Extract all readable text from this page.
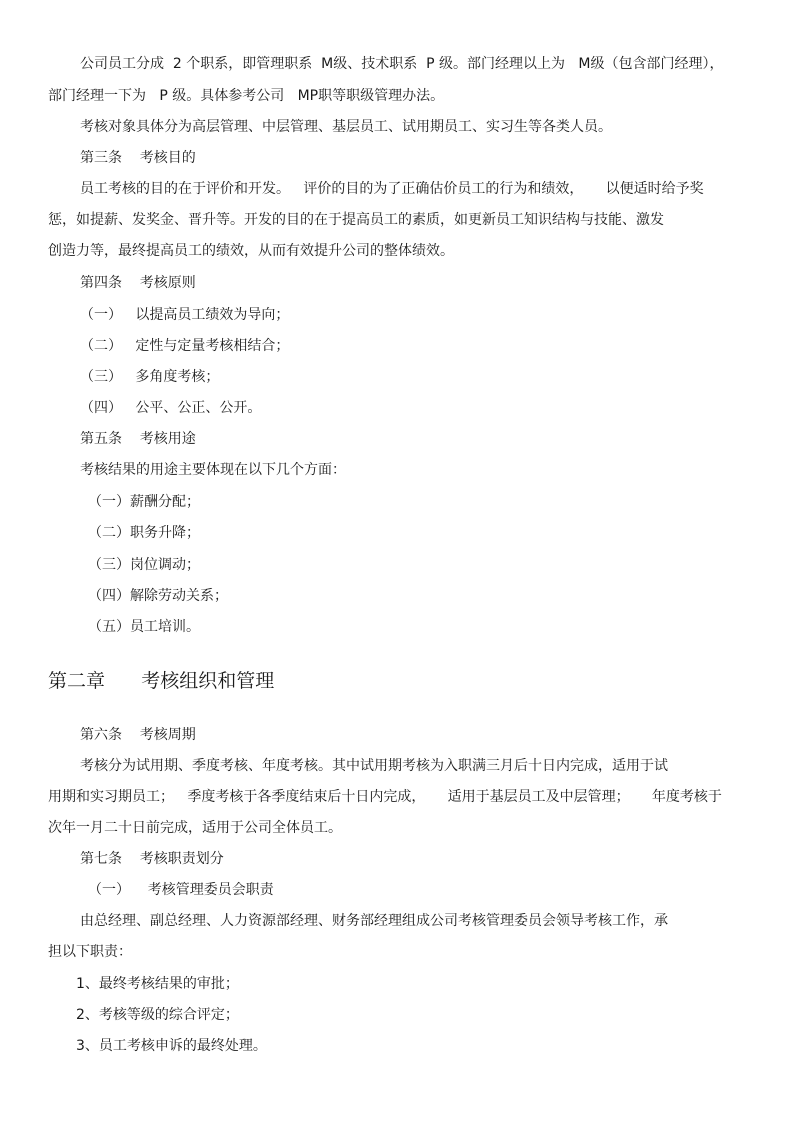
公司员工分成  2 个职系，即管理职系  M级、技术职系  P 级。部门经理以上为   M级（包含部门经理），

部门经理一下为   P 级。具体参考公司   MP职等职级管理办法。

考核对象具体分为高层管理、中层管理、基层员工、试用期员工、实习生等各类人员。

第三条    考核目的

员工考核的目的在于评价和开发。   评价的目的为了正确估价员工的行为和绩效，     以便适时给予奖

惩，如提薪、发奖金、晋升等。开发的目的在于提高员工的素质，如更新员工知识结构与技能、激发

创造力等，最终提高员工的绩效，从而有效提升公司的整体绩效。

第四条    考核原则

（一）   以提高员工绩效为导向；

（二）   定性与定量考核相结合；

（三）   多角度考核；

（四）   公平、公正、公开。

第五条    考核用途

考核结果的用途主要体现在以下几个方面：

（一）薪酬分配；

（二）职务升降；

（三）岗位调动；

（四）解除劳动关系；

（五）员工培训。

第二章      考核组织和管理

第六条    考核周期

考核分为试用期、季度考核、年度考核。其中试用期考核为入职满三月后十日内完成，适用于试

用期和实习期员工；   季度考核于各季度结束后十日内完成，     适用于基层员工及中层管理；     年度考核于

次年一月二十日前完成，适用于公司全体员工。

第七条    考核职责划分

（一）    考核管理委员会职责

由总经理、副总经理、人力资源部经理、财务部经理组成公司考核管理委员会领导考核工作，承

担以下职责：

1、最终考核结果的审批；

2、考核等级的综合评定；

3、员工考核申诉的最终处理。
